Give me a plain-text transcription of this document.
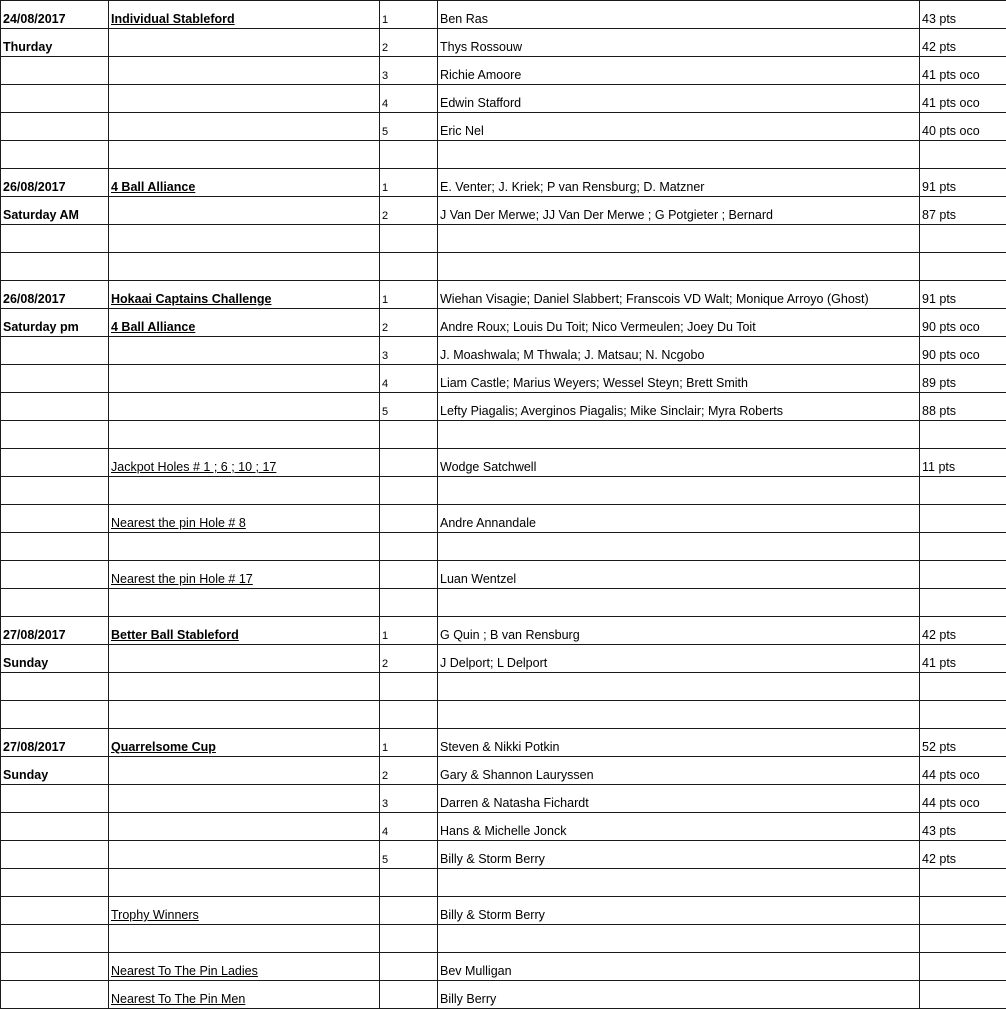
24/08/2017	Individual Stableford	1	Ben Ras	43 pts
Thurday		2	Thys Rossouw	42 pts
		3	Richie Amoore	41 pts oco
		4	Edwin Stafford	41 pts oco
		5	Eric Nel	40 pts oco

26/08/2017	4 Ball Alliance	1	E. Venter; J. Kriek; P van Rensburg; D. Matzner	91 pts
Saturday AM		2	J Van Der Merwe; JJ Van Der Merwe ; G Potgieter ; Bernard	87 pts

26/08/2017	Hokaai Captains Challenge	1	Wiehan Visagie; Daniel Slabbert; Franscois VD Walt; Monique Arroyo (Ghost)	91 pts
Saturday pm	4 Ball Alliance	2	Andre Roux; Louis Du Toit; Nico Vermeulen; Joey Du Toit	90 pts oco
		3	J. Moashwala; M Thwala; J. Matsau; N. Ncgobo	90 pts oco
		4	Liam Castle; Marius Weyers; Wessel Steyn; Brett Smith	89 pts
		5	Lefty Piagalis; Averginos Piagalis; Mike Sinclair; Myra Roberts	88 pts

	Jackpot Holes # 1 ; 6 ; 10 ; 17		Wodge Satchwell	11 pts

	Nearest the pin Hole # 8		Andre Annandale	

	Nearest the pin Hole # 17		Luan Wentzel	

27/08/2017	Better Ball Stableford	1	G Quin ; B van Rensburg	42 pts
Sunday		2	J Delport; L Delport	41 pts

27/08/2017	Quarrelsome Cup	1	Steven & Nikki Potkin	52 pts
Sunday		2	Gary & Shannon Lauryssen	44 pts oco
		3	Darren & Natasha Fichardt	44 pts oco
		4	Hans & Michelle Jonck	43 pts
		5	Billy & Storm Berry	42 pts

	Trophy Winners		Billy & Storm Berry	

	Nearest To The Pin Ladies		Bev Mulligan	
	Nearest To The Pin Men		Billy Berry	
